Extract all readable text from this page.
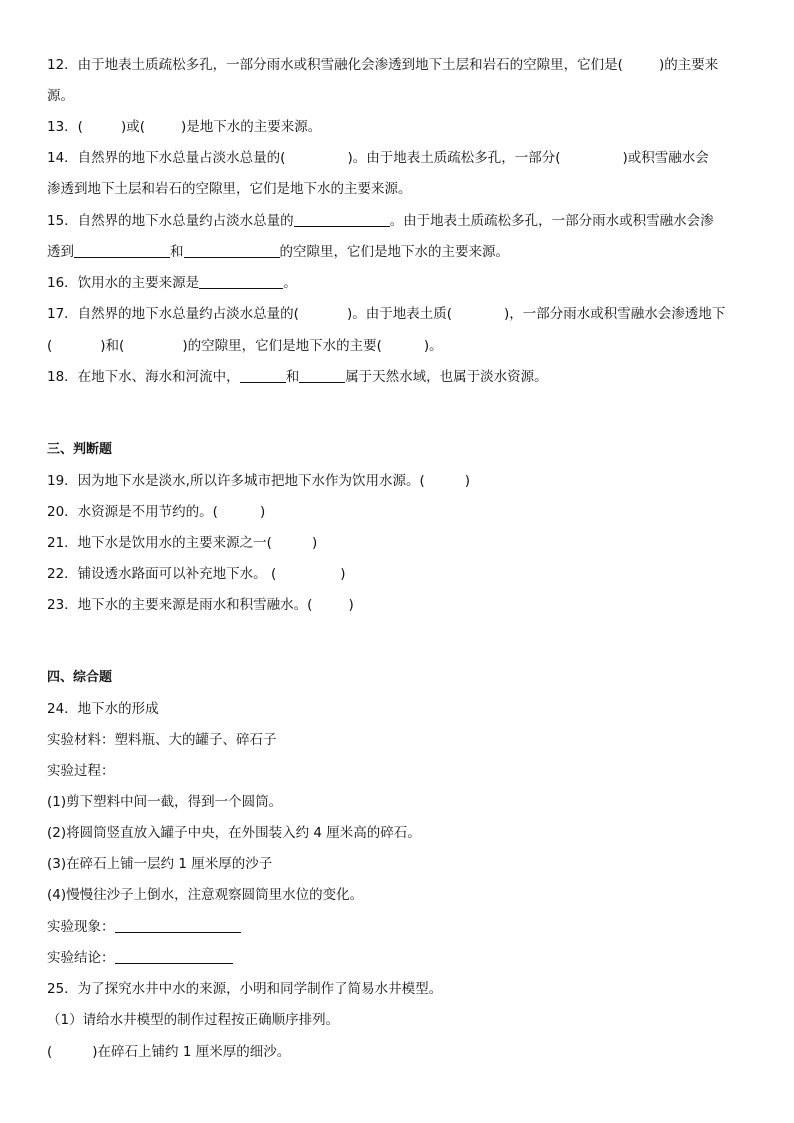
12．由于地表土质疏松多孔，一部分雨水或积雪融化会渗透到地下土层和岩石的空隙里，它们是(	)的主要来
源。
13．(	)或(	)是地下水的主要来源。
14．自然界的地下水总量占淡水总量的(	)。由于地表土质疏松多孔，一部分(	)或积雪融水会
渗透到地下土层和岩石的空隙里，它们是地下水的主要来源。
15．自然界的地下水总量约占淡水总量的	。由于地表土质疏松多孔，一部分雨水或积雪融水会渗
透到	和	的空隙里，它们是地下水的主要来源。
16．饮用水的主要来源是	。
17．自然界的地下水总量约占淡水总量的(	)。由于地表土质(	)，一部分雨水或积雪融水会渗透地下
(	)和(	)的空隙里，它们是地下水的主要(	)。
18．在地下水、海水和河流中，	和	属于天然水域，也属于淡水资源。
三、判断题
19．因为地下水是淡水,所以许多城市把地下水作为饮用水源。(	)
20．水资源是不用节约的。(	)
21．地下水是饮用水的主要来源之一(	)
22．铺设透水路面可以补充地下水。 (	)
23．地下水的主要来源是雨水和积雪融水。(	)
四、综合题
24．地下水的形成
实验材料：塑料瓶、大的罐子、碎石子
实验过程：
(1)剪下塑料中间一截，得到一个圆筒。
(2)将圆筒竖直放入罐子中央，在外围装入约 4 厘米高的碎石。
(3)在碎石上铺一层约 1 厘米厚的沙子
(4)慢慢往沙子上倒水，注意观察圆筒里水位的变化。
实验现象：
实验结论：
25．为了探究水井中水的来源，小明和同学制作了简易水井模型。
（1）请给水井模型的制作过程按正确顺序排列。
(	)在碎石上铺约 1 厘米厚的细沙。
